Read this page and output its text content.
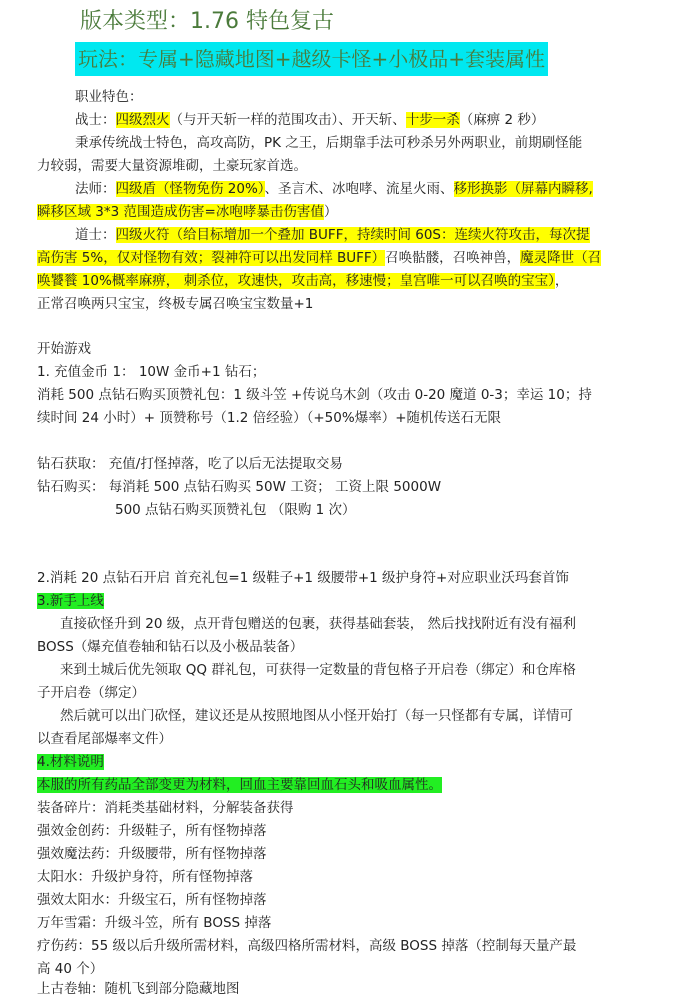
版本类型：1.76 特色复古
玩法：专属+隐藏地图+越级卡怪+小极品+套装属性
职业特色：
战士：四级烈火（与开天斩一样的范围攻击）、开天斩、十步一杀（麻痹 2 秒）
秉承传统战士特色，高攻高防，PK 之王，后期靠手法可秒杀另外两职业，前期刷怪能
力较弱，需要大量资源堆砌，土豪玩家首选。
法师：四级盾（怪物免伤 20%）、圣言术、冰咆哮、流星火雨、移形换影（屏幕内瞬移,
瞬移区域 3*3 范围造成伤害=冰咆哮暴击伤害值）
道士：四级火符（给目标增加一个叠加 BUFF，持续时间 60S：连续火符攻击，每次提
高伤害 5%，仅对怪物有效；裂神符可以出发同样 BUFF）召唤骷髅，召唤神兽，魔灵降世（召
唤饕餮 10%概率麻痹， 刺杀位，攻速快，攻击高，移速慢；皇宫唯一可以召唤的宝宝），
正常召唤两只宝宝，终极专属召唤宝宝数量+1
开始游戏
1. 充值金币 1： 10W 金币+1 钻石；
消耗 500 点钻石购买顶赞礼包：1 级斗笠 +传说乌木剑（攻击 0-20 魔道 0-3；幸运 10；持
续时间 24 小时）+ 顶赞称号（1.2 倍经验）（+50%爆率）+随机传送石无限
钻石获取： 充值/打怪掉落，吃了以后无法提取交易
钻石购买： 每消耗 500 点钻石购买 50W 工资； 工资上限 5000W
500 点钻石购买顶赞礼包 （限购 1 次）
2.消耗 20 点钻石开启 首充礼包=1 级鞋子+1 级腰带+1 级护身符+对应职业沃玛套首饰
3.新手上线
直接砍怪升到 20 级，点开背包赠送的包裹，获得基础套装， 然后找找附近有没有福利
BOSS（爆充值卷轴和钻石以及小极品装备）
来到土城后优先领取 QQ 群礼包，可获得一定数量的背包格子开启卷（绑定）和仓库格
子开启卷（绑定）
然后就可以出门砍怪，建议还是从按照地图从小怪开始打（每一只怪都有专属，详情可
以查看尾部爆率文件）
4.材料说明
本服的所有药品全部变更为材料，回血主要靠回血石头和吸血属性。
装备碎片：消耗类基础材料，分解装备获得
强效金创药：升级鞋子，所有怪物掉落
强效魔法药：升级腰带，所有怪物掉落
太阳水：升级护身符，所有怪物掉落
强效太阳水：升级宝石，所有怪物掉落
万年雪霜：升级斗笠，所有 BOSS 掉落
疗伤药：55 级以后升级所需材料，高级四格所需材料，高级 BOSS 掉落（控制每天量产最
高 40 个）
上古卷轴：随机飞到部分隐藏地图
